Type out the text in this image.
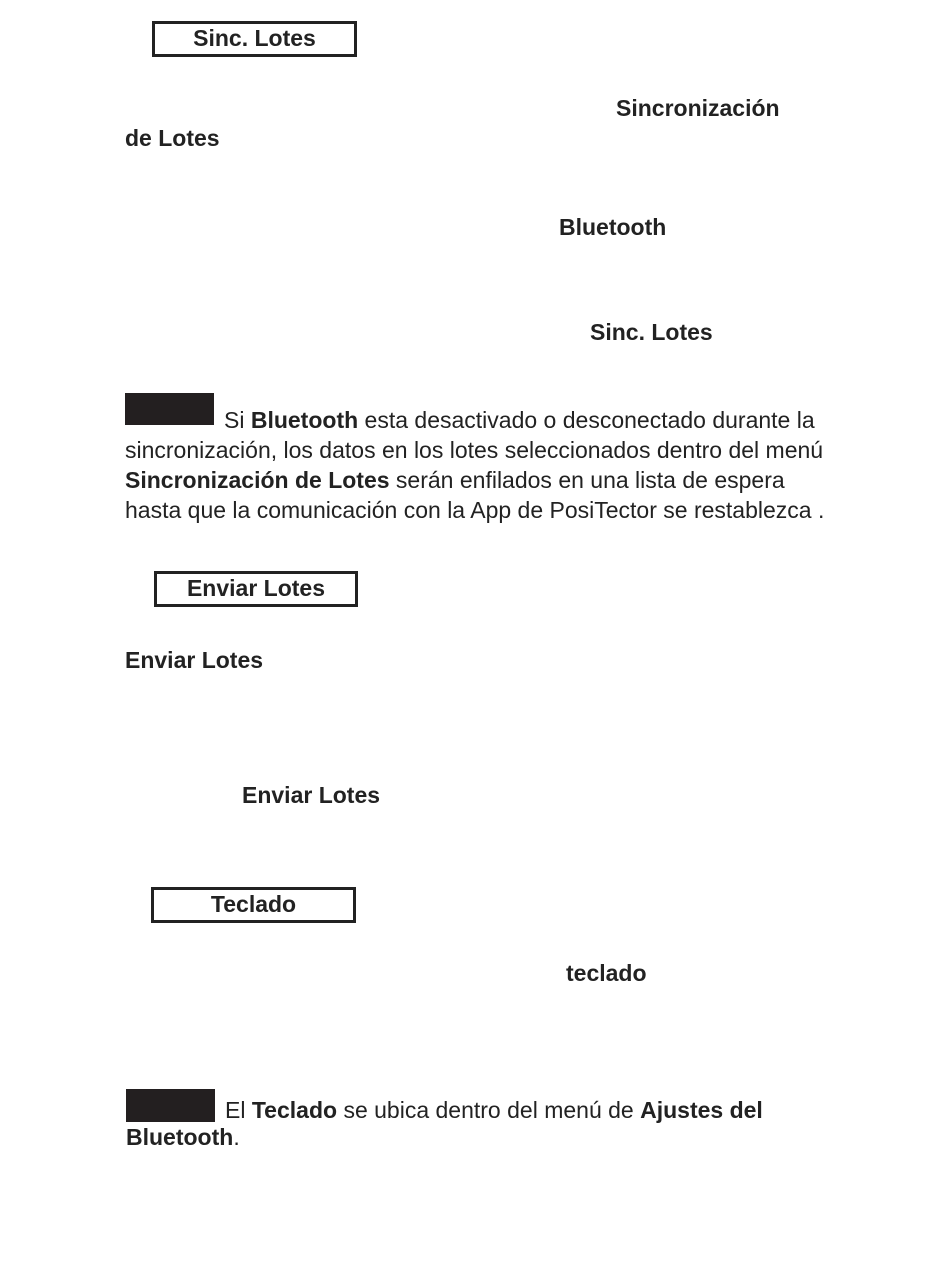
Sinc. Lotes
Sincronización
de Lotes
Bluetooth
Sinc. Lotes
Si Bluetooth esta desactivado o desconectado durante la sincronización, los datos en los lotes seleccionados dentro del menú Sincronización de Lotes serán enfilados en una lista de espera hasta que la comunicación con la App de PosiTector se restablezca .
Enviar Lotes
Enviar Lotes
Enviar Lotes
Teclado
teclado
El Teclado se ubica dentro del menú de Ajustes del Bluetooth.
